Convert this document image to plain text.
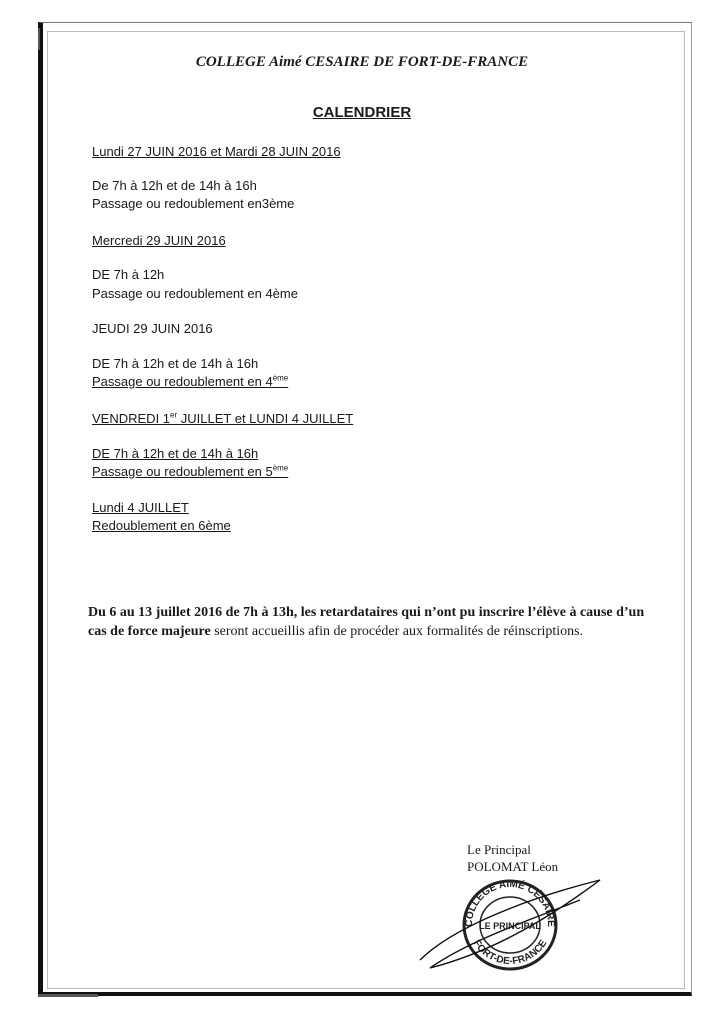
COLLEGE Aimé CESAIRE DE FORT-DE-FRANCE
CALENDRIER
Lundi 27 JUIN 2016 et Mardi 28 JUIN 2016
De 7h à 12h et de 14h à 16h
Passage ou redoublement en3ème
Mercredi 29 JUIN 2016
DE 7h à 12h
Passage ou redoublement en 4ème
JEUDI 29 JUIN 2016
DE 7h à 12h et de 14h à 16h
Passage ou redoublement en 4ème
VENDREDI 1er JUILLET et LUNDI 4 JUILLET
DE 7h à 12h et de 14h à 16h
Passage ou redoublement en 5ème
Lundi 4 JUILLET
Redoublement en 6ème
Du 6 au 13 juillet 2016 de 7h à 13h, les retardataires qui n’ont pu inscrire l’élève à cause d’un cas de force majeure seront accueillis afin de procéder aux formalités de réinscriptions.
Le Principal
POLOMAT Léon
COLLEGE AIMÉ CÉSAIRE
LE PRINCIPAL
FORT-DE-FRANCE
